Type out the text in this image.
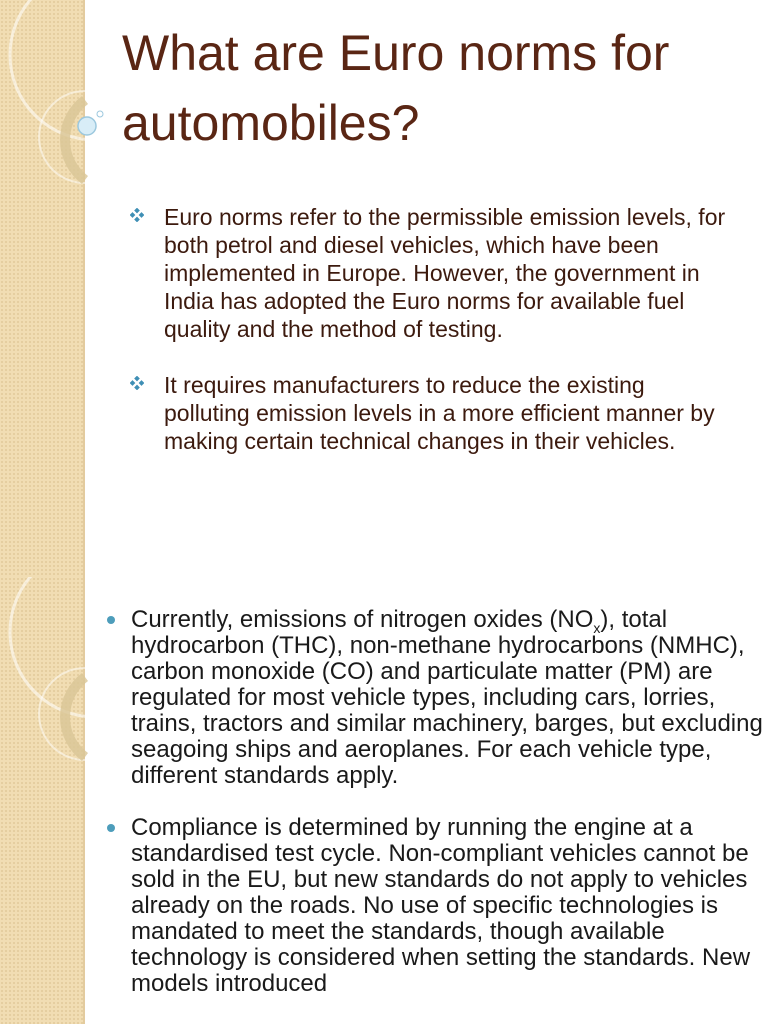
What are Euro norms for automobiles?
Euro norms refer to the permissible emission levels, for both petrol and diesel vehicles, which have been implemented in Europe. However, the government in India has adopted the Euro norms for available fuel quality and the method of testing.
It requires manufacturers to reduce the existing polluting emission levels in a more efficient manner by making certain technical changes in their vehicles.
Currently, emissions of nitrogen oxides $(NO_x)$, total hydrocarbon (THC), non-methane hydrocarbons (NMHC), carbon monoxide (CO) and particulate matter (PM) are regulated for most vehicle types, including cars, lorries, trains, tractors and similar machinery, barges, but excluding seagoing ships and aeroplanes. For each vehicle type, different standards apply.
Compliance is determined by running the engine at a standardised test cycle. Non-compliant vehicles cannot be sold in the EU, but new standards do not apply to vehicles already on the roads. No use of specific technologies is mandated to meet the standards, though available technology is considered when setting the standards. New models introduced
